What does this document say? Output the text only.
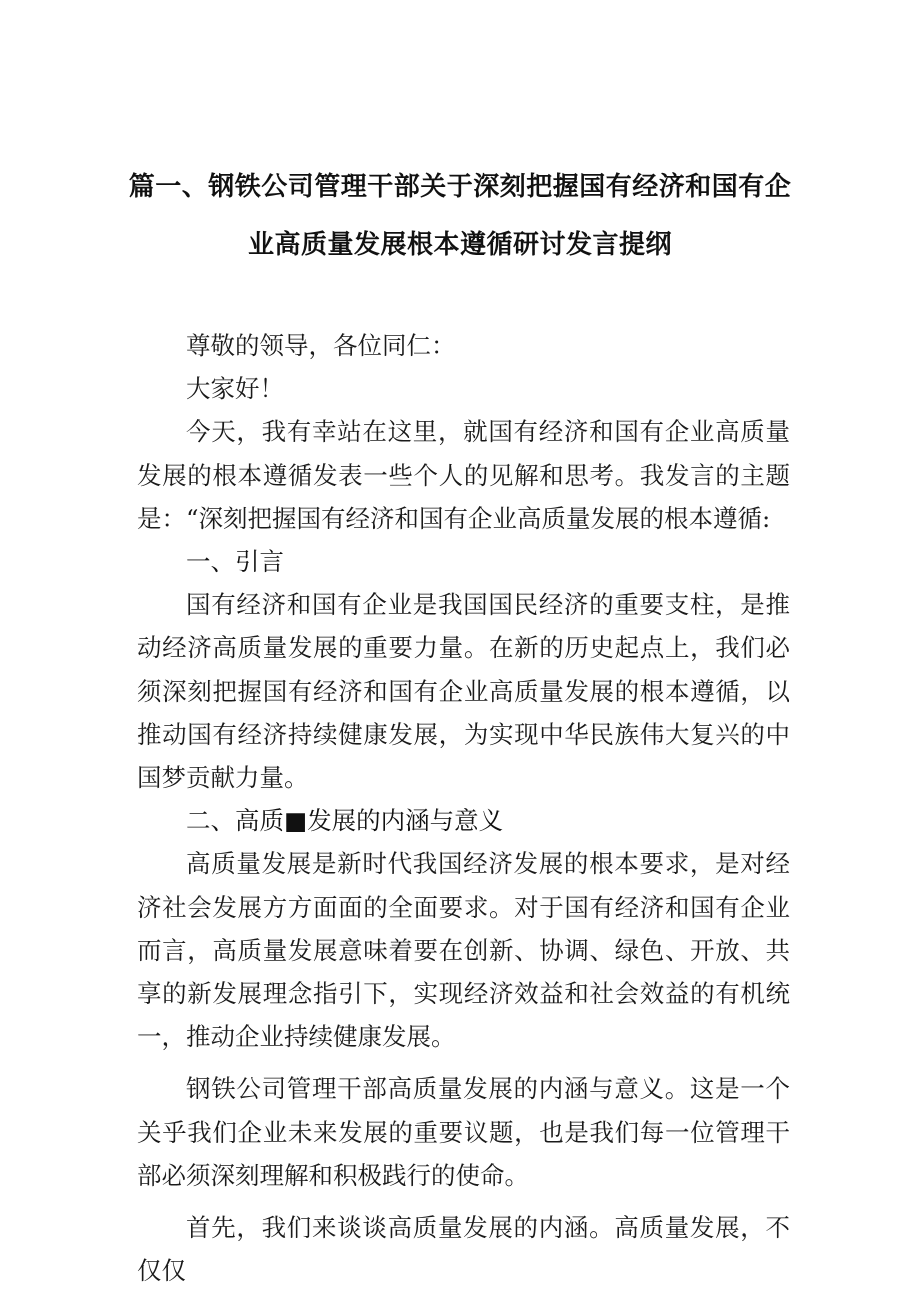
篇一、钢铁公司管理干部关于深刻把握国有经济和国有企
业高质量发展根本遵循研讨发言提纲

尊敬的领导，各位同仁：

大家好！

今天，我有幸站在这里，就国有经济和国有企业高质量发展的根本遵循发表一些个人的见解和思考。我发言的主题是：“深刻把握国有经济和国有企业高质量发展的根本遵循:

一、引言

国有经济和国有企业是我国国民经济的重要支柱，是推动经济高质量发展的重要力量。在新的历史起点上，我们必须深刻把握国有经济和国有企业高质量发展的根本遵循，以推动国有经济持续健康发展，为实现中华民族伟大复兴的中国梦贡献力量。

二、高质■发展的内涵与意义

高质量发展是新时代我国经济发展的根本要求，是对经济社会发展方方面面的全面要求。对于国有经济和国有企业而言，高质量发展意味着要在创新、协调、绿色、开放、共享的新发展理念指引下，实现经济效益和社会效益的有机统一，推动企业持续健康发展。

钢铁公司管理干部高质量发展的内涵与意义。这是一个关乎我们企业未来发展的重要议题，也是我们每一位管理干部必须深刻理解和积极践行的使命。

首先，我们来谈谈高质量发展的内涵。高质量发展，不仅仅
